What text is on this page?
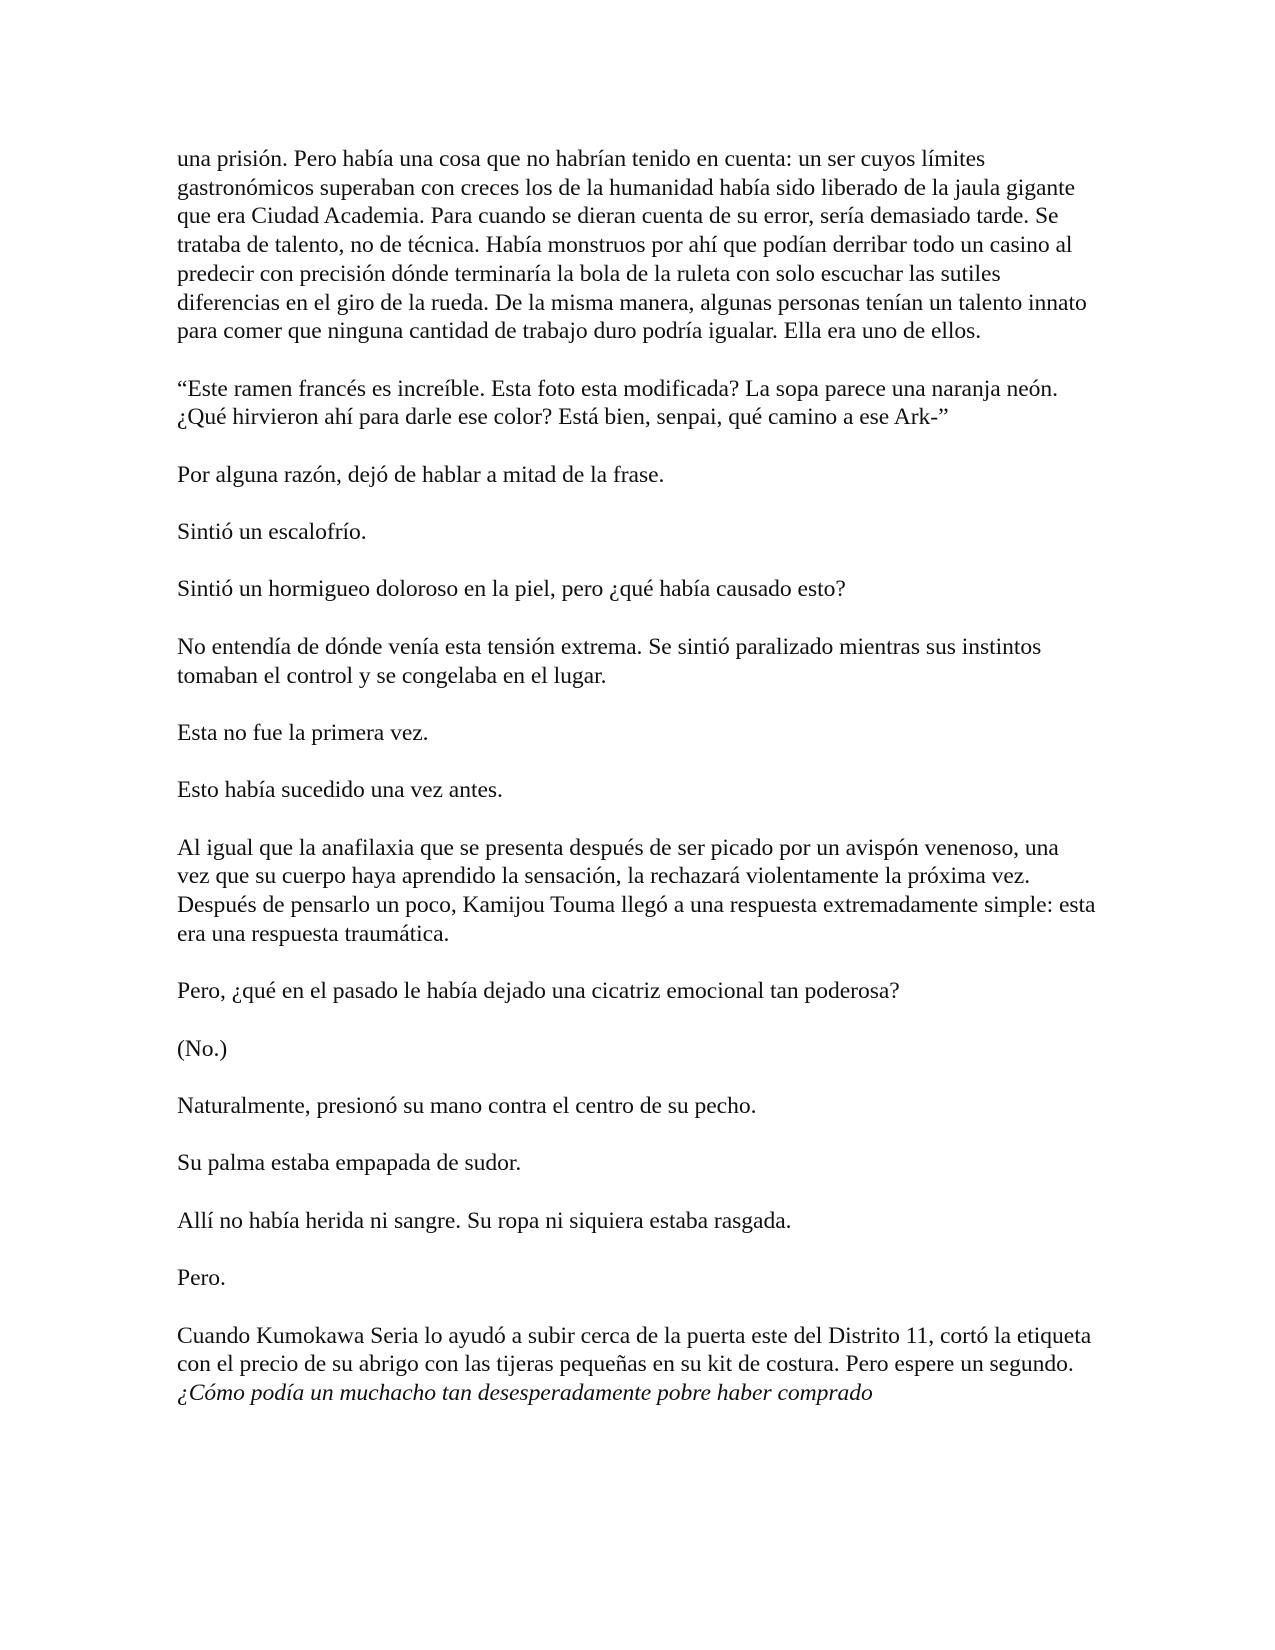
una prisión. Pero había una cosa que no habrían tenido en cuenta: un ser cuyos límites gastronómicos superaban con creces los de la humanidad había sido liberado de la jaula gigante que era Ciudad Academia. Para cuando se dieran cuenta de su error, sería demasiado tarde. Se trataba de talento, no de técnica. Había monstruos por ahí que podían derribar todo un casino al predecir con precisión dónde terminaría la bola de la ruleta con solo escuchar las sutiles diferencias en el giro de la rueda. De la misma manera, algunas personas tenían un talento innato para comer que ninguna cantidad de trabajo duro podría igualar. Ella era uno de ellos.

“Este ramen francés es increíble. Esta foto esta modificada? La sopa parece una naranja neón. ¿Qué hirvieron ahí para darle ese color? Está bien, senpai, qué camino a ese Ark-”

Por alguna razón, dejó de hablar a mitad de la frase.

Sintió un escalofrío.

Sintió un hormigueo doloroso en la piel, pero ¿qué había causado esto?

No entendía de dónde venía esta tensión extrema. Se sintió paralizado mientras sus instintos tomaban el control y se congelaba en el lugar.

Esta no fue la primera vez.

Esto había sucedido una vez antes.

Al igual que la anafilaxia que se presenta después de ser picado por un avispón venenoso, una vez que su cuerpo haya aprendido la sensación, la rechazará violentamente la próxima vez. Después de pensarlo un poco, Kamijou Touma llegó a una respuesta extremadamente simple: esta era una respuesta traumática.

Pero, ¿qué en el pasado le había dejado una cicatriz emocional tan poderosa?

(No.)

Naturalmente, presionó su mano contra el centro de su pecho.

Su palma estaba empapada de sudor.

Allí no había herida ni sangre. Su ropa ni siquiera estaba rasgada.

Pero.

Cuando Kumokawa Seria lo ayudó a subir cerca de la puerta este del Distrito 11, cortó la etiqueta con el precio de su abrigo con las tijeras pequeñas en su kit de costura. Pero espere un segundo. ¿Cómo podía un muchacho tan desesperadamente pobre haber comprado
